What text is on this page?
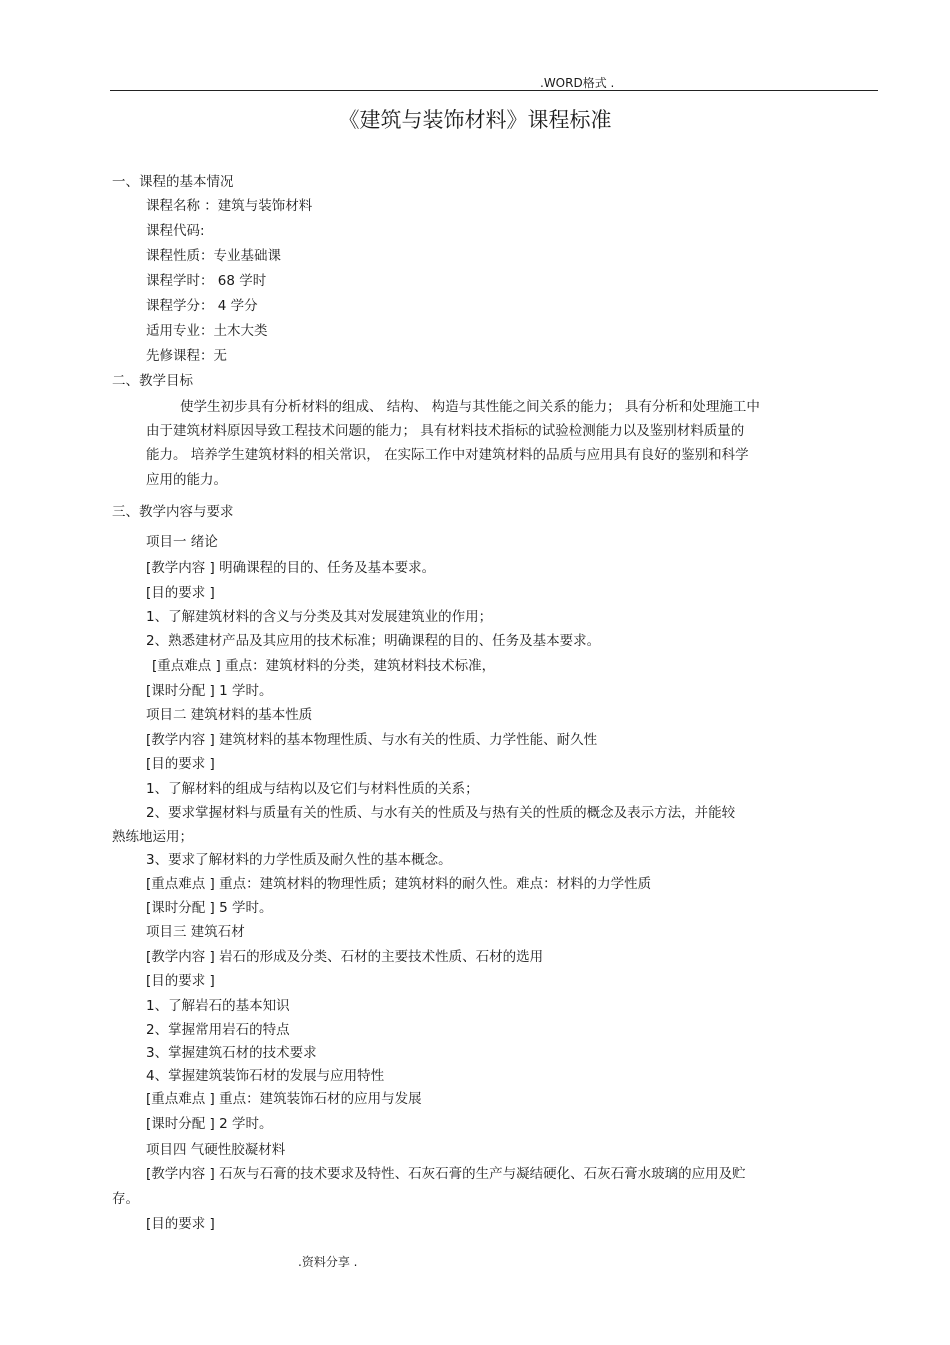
.WORD格式 .
《建筑与装饰材料》课程标准
一、课程的基本情况
课程名称 ：建筑与装饰材料
课程代码:
课程性质：专业基础课
课程学时： 68 学时
课程学分： 4 学分
适用专业：土木大类
先修课程：无
二、教学目标
使学生初步具有分析材料的组成、 结构、 构造与其性能之间关系的能力； 具有分析和处理施工中
由于建筑材料原因导致工程技术问题的能力； 具有材料技术指标的试验检测能力以及鉴别材料质量的
能力。 培养学生建筑材料的相关常识， 在实际工作中对建筑材料的品质与应用具有良好的鉴别和科学
应用的能力。
三、教学内容与要求
项目一 绪论
[教学内容 ] 明确课程的目的、任务及基本要求。
[目的要求 ]
1、了解建筑材料的含义与分类及其对发展建筑业的作用；
2、熟悉建材产品及其应用的技术标准；明确课程的目的、任务及基本要求。
[重点难点 ] 重点：建筑材料的分类，建筑材料技术标准，
[课时分配 ] 1 学时。
项目二 建筑材料的基本性质
[教学内容 ] 建筑材料的基本物理性质、与水有关的性质、力学性能、耐久性
[目的要求 ]
1、了解材料的组成与结构以及它们与材料性质的关系；
2、要求掌握材料与质量有关的性质、与水有关的性质及与热有关的性质的概念及表示方法，并能较
熟练地运用；
3、要求了解材料的力学性质及耐久性的基本概念。
[重点难点 ] 重点：建筑材料的物理性质；建筑材料的耐久性。难点：材料的力学性质
[课时分配 ] 5 学时。
项目三 建筑石材
[教学内容 ] 岩石的形成及分类、石材的主要技术性质、石材的选用
[目的要求 ]
1、了解岩石的基本知识
2、掌握常用岩石的特点
3、掌握建筑石材的技术要求
4、掌握建筑装饰石材的发展与应用特性
[重点难点 ] 重点：建筑装饰石材的应用与发展
[课时分配 ] 2 学时。
项目四 气硬性胶凝材料
[教学内容 ] 石灰与石膏的技术要求及特性、石灰石膏的生产与凝结硬化、石灰石膏水玻璃的应用及贮
存。
[目的要求 ]
.资料分享 .
